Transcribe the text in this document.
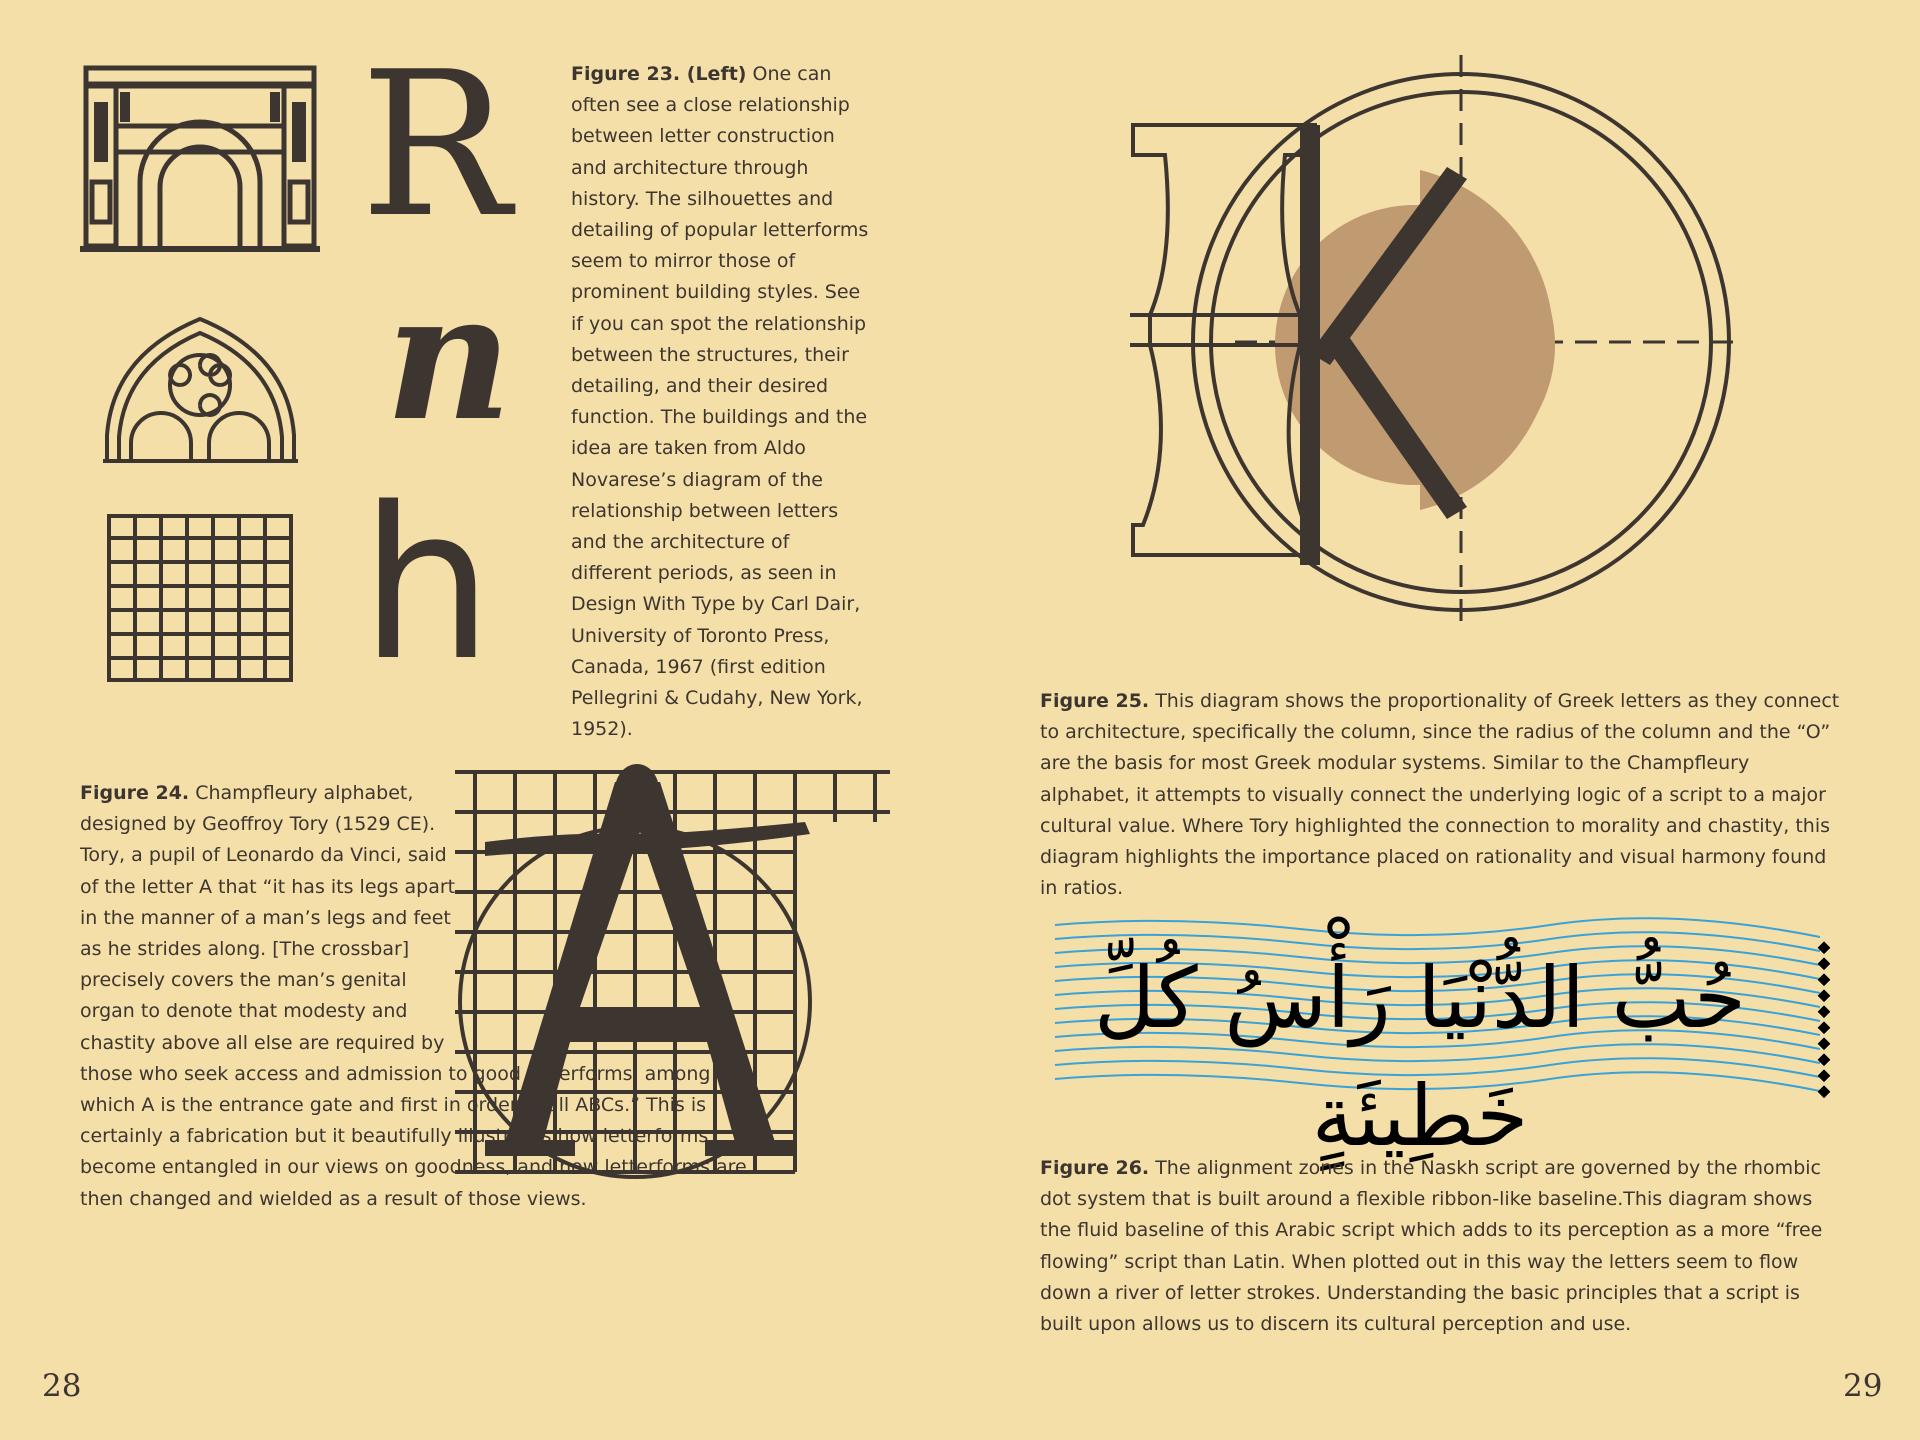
R
n
h

Figure 23. (Left) One can often see a close relationship between letter construction and architecture through history. The silhouettes and detailing of popular letterforms seem to mirror those of prominent building styles. See if you can spot the relationship between the structures, their detailing, and their desired function. The buildings and the idea are taken from Aldo Novarese’s diagram of the relationship between letters and the architecture of different periods, as seen in Design With Type by Carl Dair, University of Toronto Press, Canada, 1967 (first edition Pellegrini & Cudahy, New York, 1952).

Figure 24. Champfleury alphabet, designed by Geoffroy Tory (1529 CE). Tory, a pupil of Leonardo da Vinci, said of the letter A that “it has its legs apart in the manner of a man’s legs and feet as he strides along. [The crossbar] precisely covers the man’s genital organ to denote that modesty and chastity above all else are required by those who seek access and admission to good letterforms, among which A is the entrance gate and first in order in all ABCs.” This is certainly a fabrication but it beautifully illustrates how letterforms become entangled in our views on goodness, and how letterforms are then changed and wielded as a result of those views.

28

Figure 25. This diagram shows the proportionality of Greek letters as they connect to architecture, specifically the column, since the radius of the column and the “O” are the basis for most Greek modular systems. Similar to the Champfleury alphabet, it attempts to visually connect the underlying logic of a script to a major cultural value. Where Tory highlighted the connection to morality and chastity, this diagram highlights the importance placed on rationality and visual harmony found in ratios.

حُبُّ الدُّنْيَا رَأْسُ كُلِّ خَطِيئَةٍ

Figure 26. The alignment zones in the Naskh script are governed by the rhombic dot system that is built around a flexible ribbon-like baseline.This diagram shows the fluid baseline of this Arabic script which adds to its perception as a more “free flowing” script than Latin. When plotted out in this way the letters seem to flow down a river of letter strokes. Understanding the basic principles that a script is built upon allows us to discern its cultural perception and use.

29
